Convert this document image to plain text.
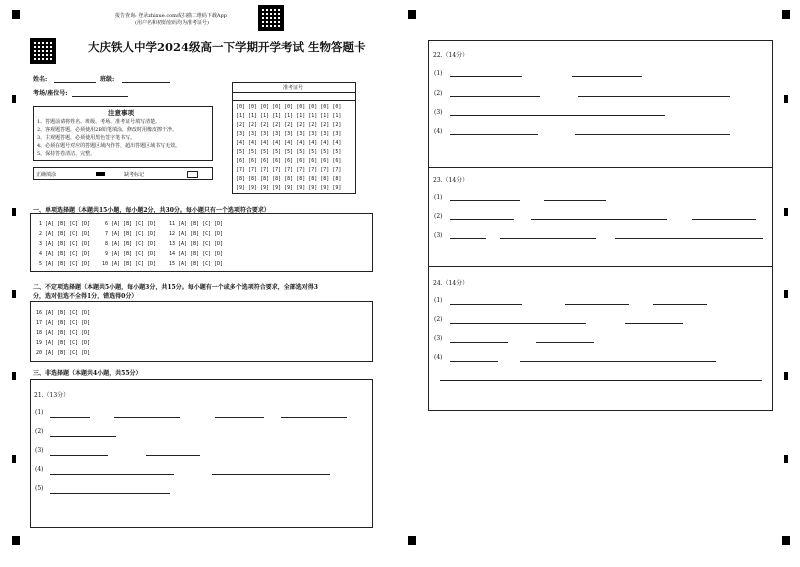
报告查询: 登录zhixue.com或扫描二维码下载App
(用户名和初始密码均为准考证号)
大庆铁人中学2024级高一下学期开学考试 生物答题卡
姓名:	班级:
考场/座位号:
准考证号
[0] [0] [0] [0] [0] [0] [0] [0] [0]
[1] [1] [1] [1] [1] [1] [1] [1] [1]
[2] [2] [2] [2] [2] [2] [2] [2] [2]
[3] [3] [3] [3] [3] [3] [3] [3] [3]
[4] [4] [4] [4] [4] [4] [4] [4] [4]
[5] [5] [5] [5] [5] [5] [5] [5] [5]
[6] [6] [6] [6] [6] [6] [6] [6] [6]
[7] [7] [7] [7] [7] [7] [7] [7] [7]
[8] [8] [8] [8] [8] [8] [8] [8] [8]
[9] [9] [9] [9] [9] [9] [9] [9] [9]
注意事项
1、答题前请将姓名、班级、考场、准考证号填写清楚。
2、客观题答题，必须使用2B铅笔填涂，修改时用橡皮擦干净。
3、主观题答题，必须使用黑色签字笔书写。
4、必须在题号对应的答题区域内作答，超出答题区域书写无效。
5、保持答卷清洁、完整。
正确填涂	缺考标记
一、单项选择题（本题共15小题，每小题2分，共30分。每小题只有一个选项符合要求）
1 [A] [B] [C] [D]
2 [A] [B] [C] [D]
3 [A] [B] [C] [D]
4 [A] [B] [C] [D]
5 [A] [B] [C] [D]
6 [A] [B] [C] [D]
7 [A] [B] [C] [D]
8 [A] [B] [C] [D]
9 [A] [B] [C] [D]
10 [A] [B] [C] [D]
11 [A] [B] [C] [D]
12 [A] [B] [C] [D]
13 [A] [B] [C] [D]
14 [A] [B] [C] [D]
15 [A] [B] [C] [D]
二、不定项选择题（本题共5小题，每小题3分，共15分。每小题有一个或多个选项符合要求，全部选对得3
分，选对但选不全得1分，错选得0分）
16 [A] [B] [C] [D]
17 [A] [B] [C] [D]
18 [A] [B] [C] [D]
19 [A] [B] [C] [D]
20 [A] [B] [C] [D]
三、非选择题（本题共4小题，共55分）
21.（13分）
(1)
(2)
(3)
(4)
(5)
22.（14分）
(1)
(2)
(3)
(4)
23.（14分）
(1)
(2)
(3)
24.（14分）
(1)
(2)
(3)
(4)
